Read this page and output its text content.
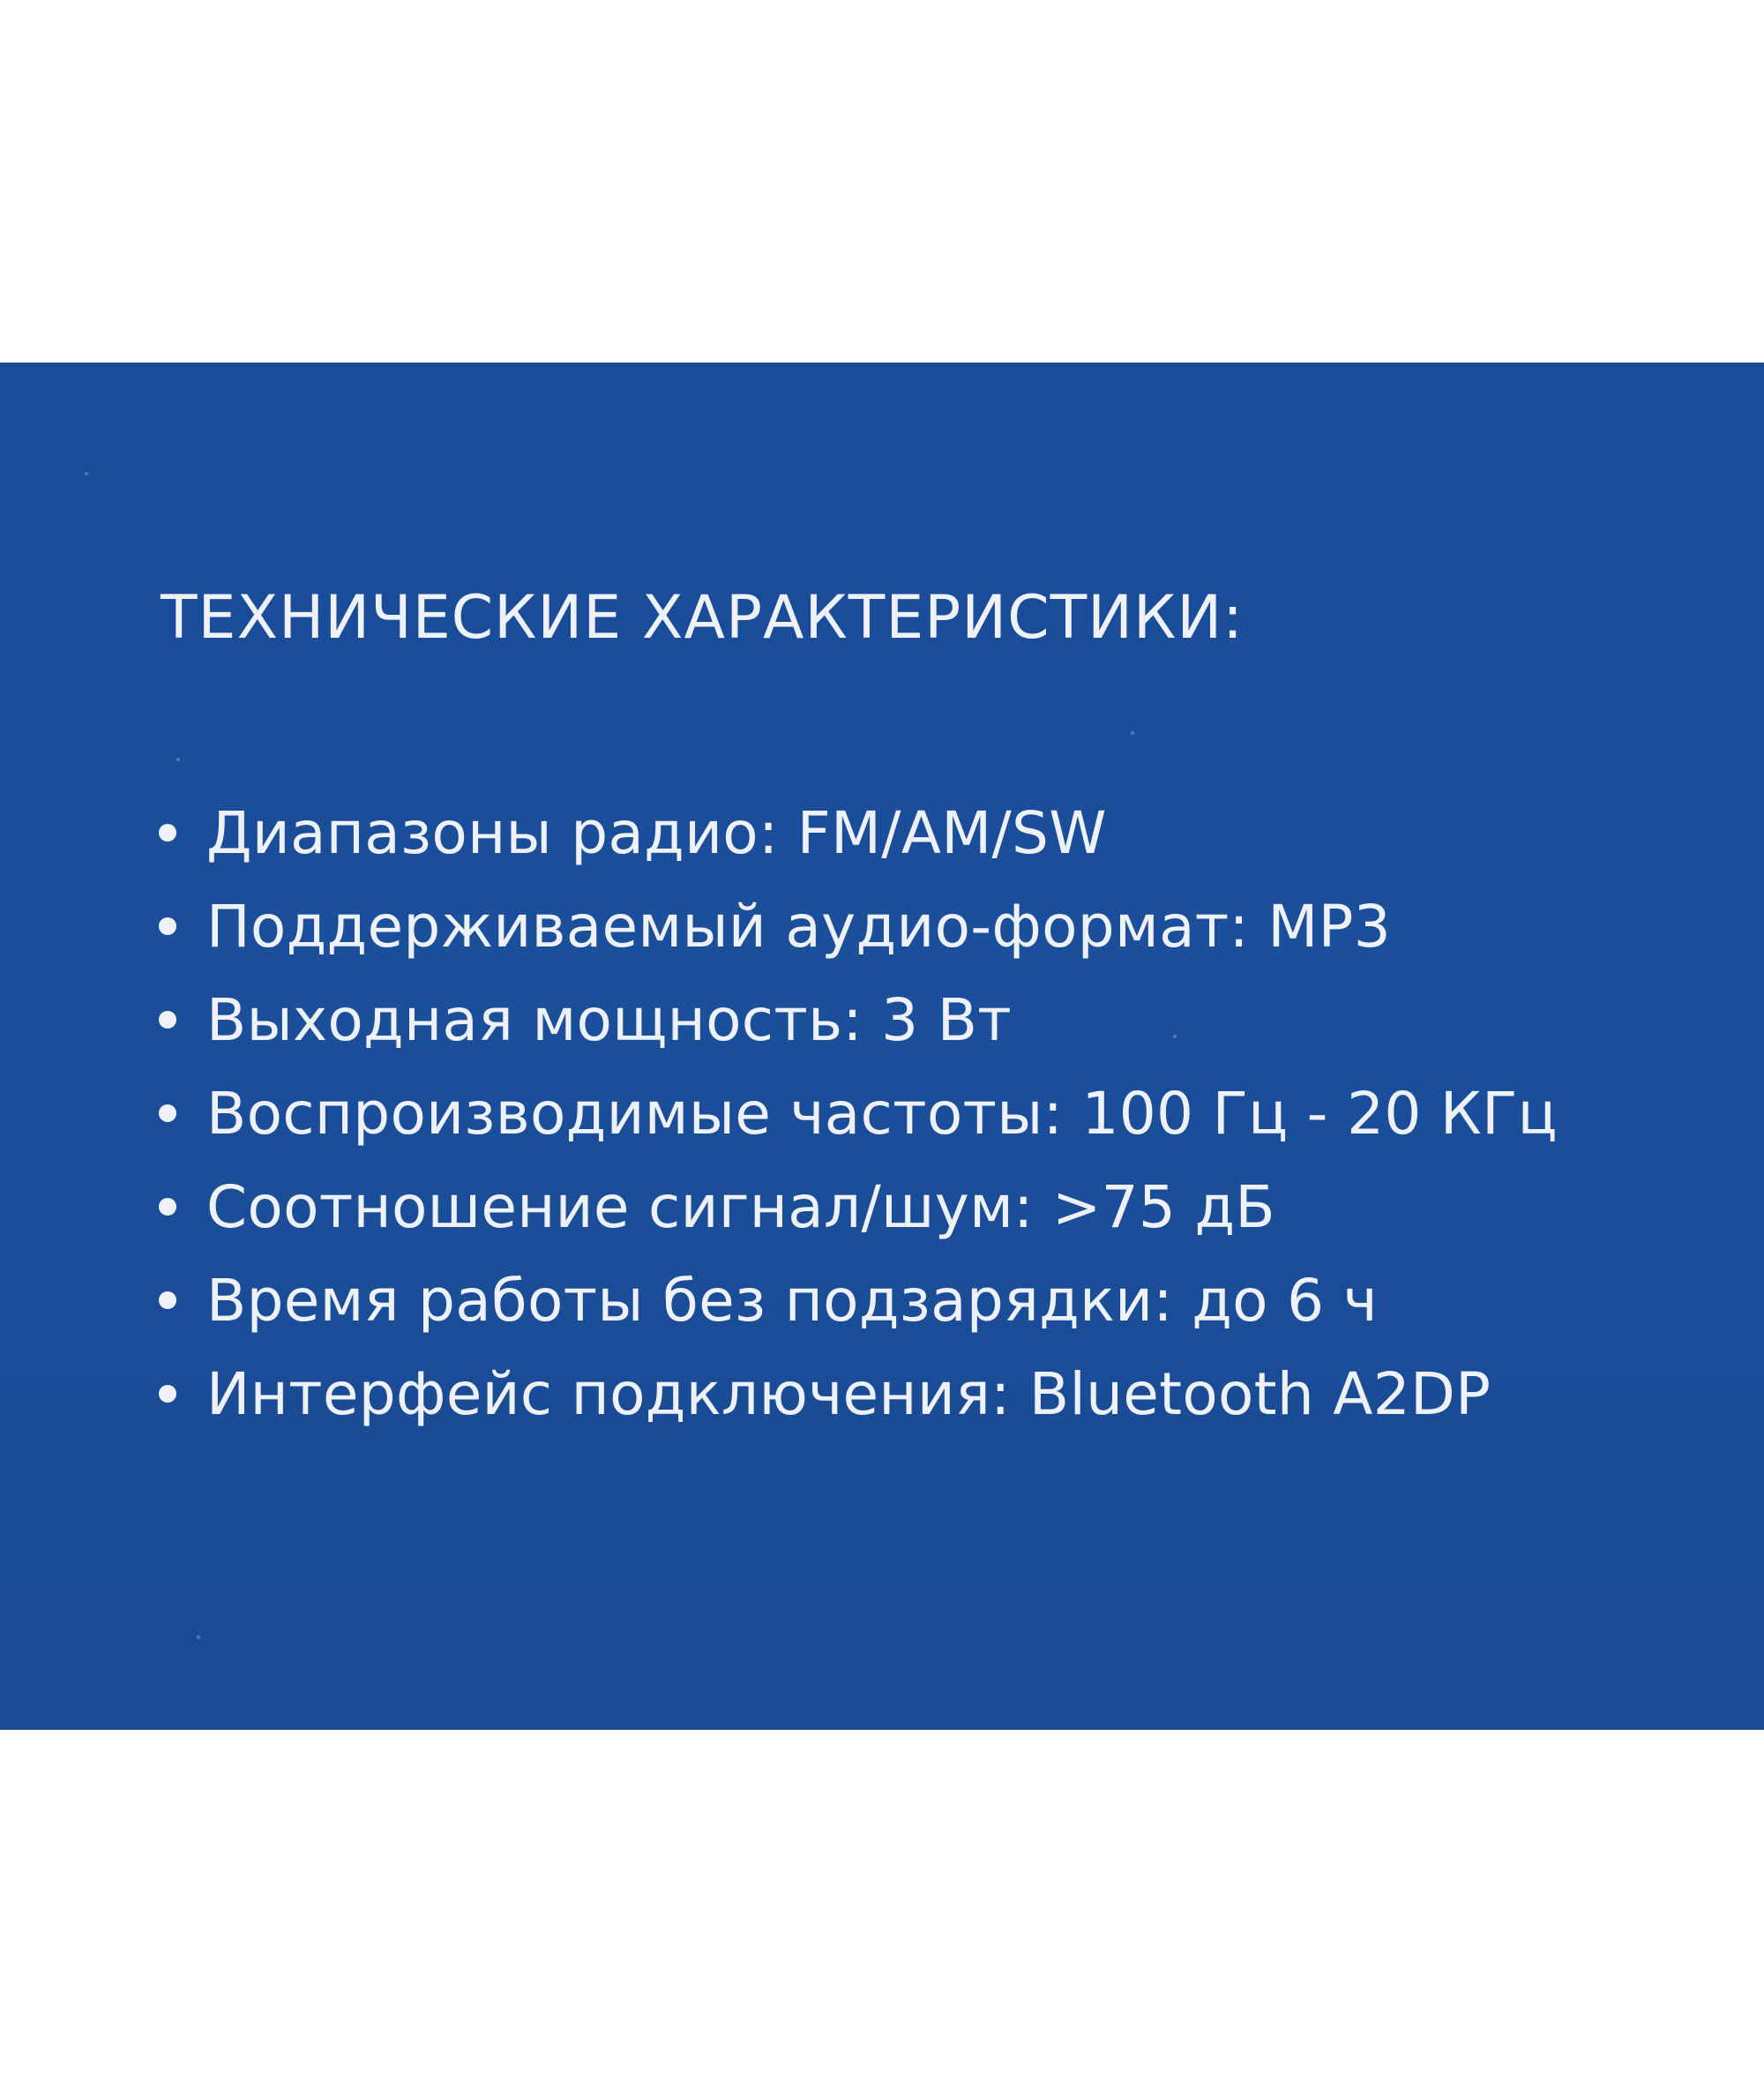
ТЕХНИЧЕСКИЕ ХАРАКТЕРИСТИКИ:
Диапазоны радио: FM/AM/SW
Поддерживаемый аудио-формат: MP3
Выходная мощность: 3 Вт
Воспроизводимые частоты: 100 Гц - 20 КГц
Соотношение сигнал/шум: >75 дБ
Время работы без подзарядки: до 6 ч
Интерфейс подключения: Bluetooth A2DP
